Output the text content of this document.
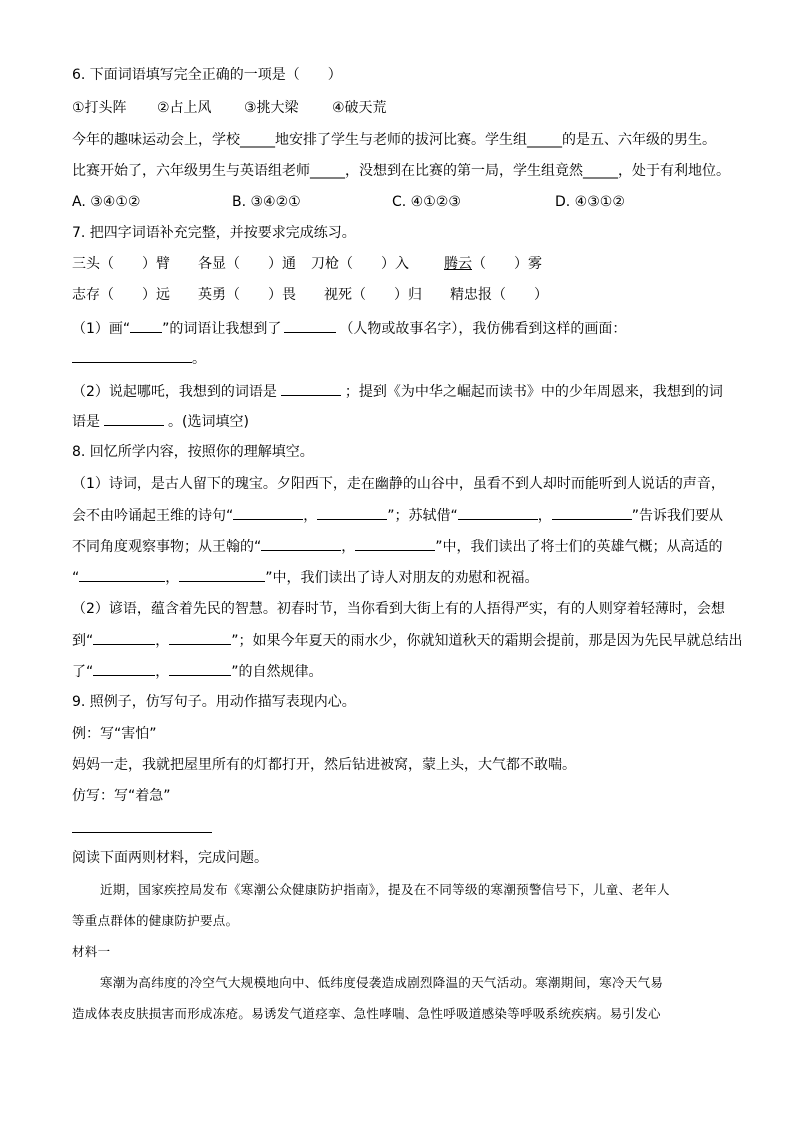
6. 下面词语填写完全正确的一项是（　　）
①打头阵 ②占上风 ③挑大梁 ④破天荒
今年的趣味运动会上，学校_____地安排了学生与老师的拔河比赛。学生组_____的是五、六年级的男生。
比赛开始了，六年级男生与英语组老师_____，没想到在比赛的第一局，学生组竟然_____，处于有利地位。
A. ③④①②	B. ③④②①	C. ④①②③	D. ④③①②
7. 把四字词语补充完整，并按要求完成练习。
三头（　　）臂 各显（　　）通 刀枪（　　）入	腾云（　　）雾
志存（　　）远 英勇（　　）畏 视死（　　）归 精忠报（　　）
（1）画“ ”的词语让我想到了	（人物或故事名字），我仿佛看到这样的画面：
。
（2）说起哪吒，我想到的词语是	；提到《为中华之崛起而读书》中的少年周恩来，我想到的词
语是	。(选词填空)
8. 回忆所学内容，按照你的理解填空。
（1）诗词，是古人留下的瑰宝。夕阳西下，走在幽静的山谷中，虽看不到人却时而能听到人说话的声音，
会不由吟诵起王维的诗句“	，	”；苏轼借“	，	”告诉我们要从
不同角度观察事物；从王翰的“	，	”中，我们读出了将士们的英雄气概；从高适的
“	，	”中，我们读出了诗人对朋友的劝慰和祝福。
（2）谚语，蕴含着先民的智慧。初春时节，当你看到大街上有的人捂得严实，有的人则穿着轻薄时，会想
到“	，	”；如果今年夏天的雨水少，你就知道秋天的霜期会提前，那是因为先民早就总结出
了“	，	”的自然规律。
9. 照例子，仿写句子。用动作描写表现内心。
例：写“害怕”
妈妈一走，我就把屋里所有的灯都打开，然后钻进被窝，蒙上头，大气都不敢喘。
仿写：写“着急”
阅读下面两则材料，完成问题。
近期，国家疾控局发布《寒潮公众健康防护指南》，提及在不同等级的寒潮预警信号下，儿童、老年人
等重点群体的健康防护要点。
材料一
寒潮为高纬度的冷空气大规模地向中、低纬度侵袭造成剧烈降温的天气活动。寒潮期间，寒冷天气易
造成体表皮肤损害而形成冻疮。易诱发气道痉挛、急性哮喘、急性呼吸道感染等呼吸系统疾病。易引发心
